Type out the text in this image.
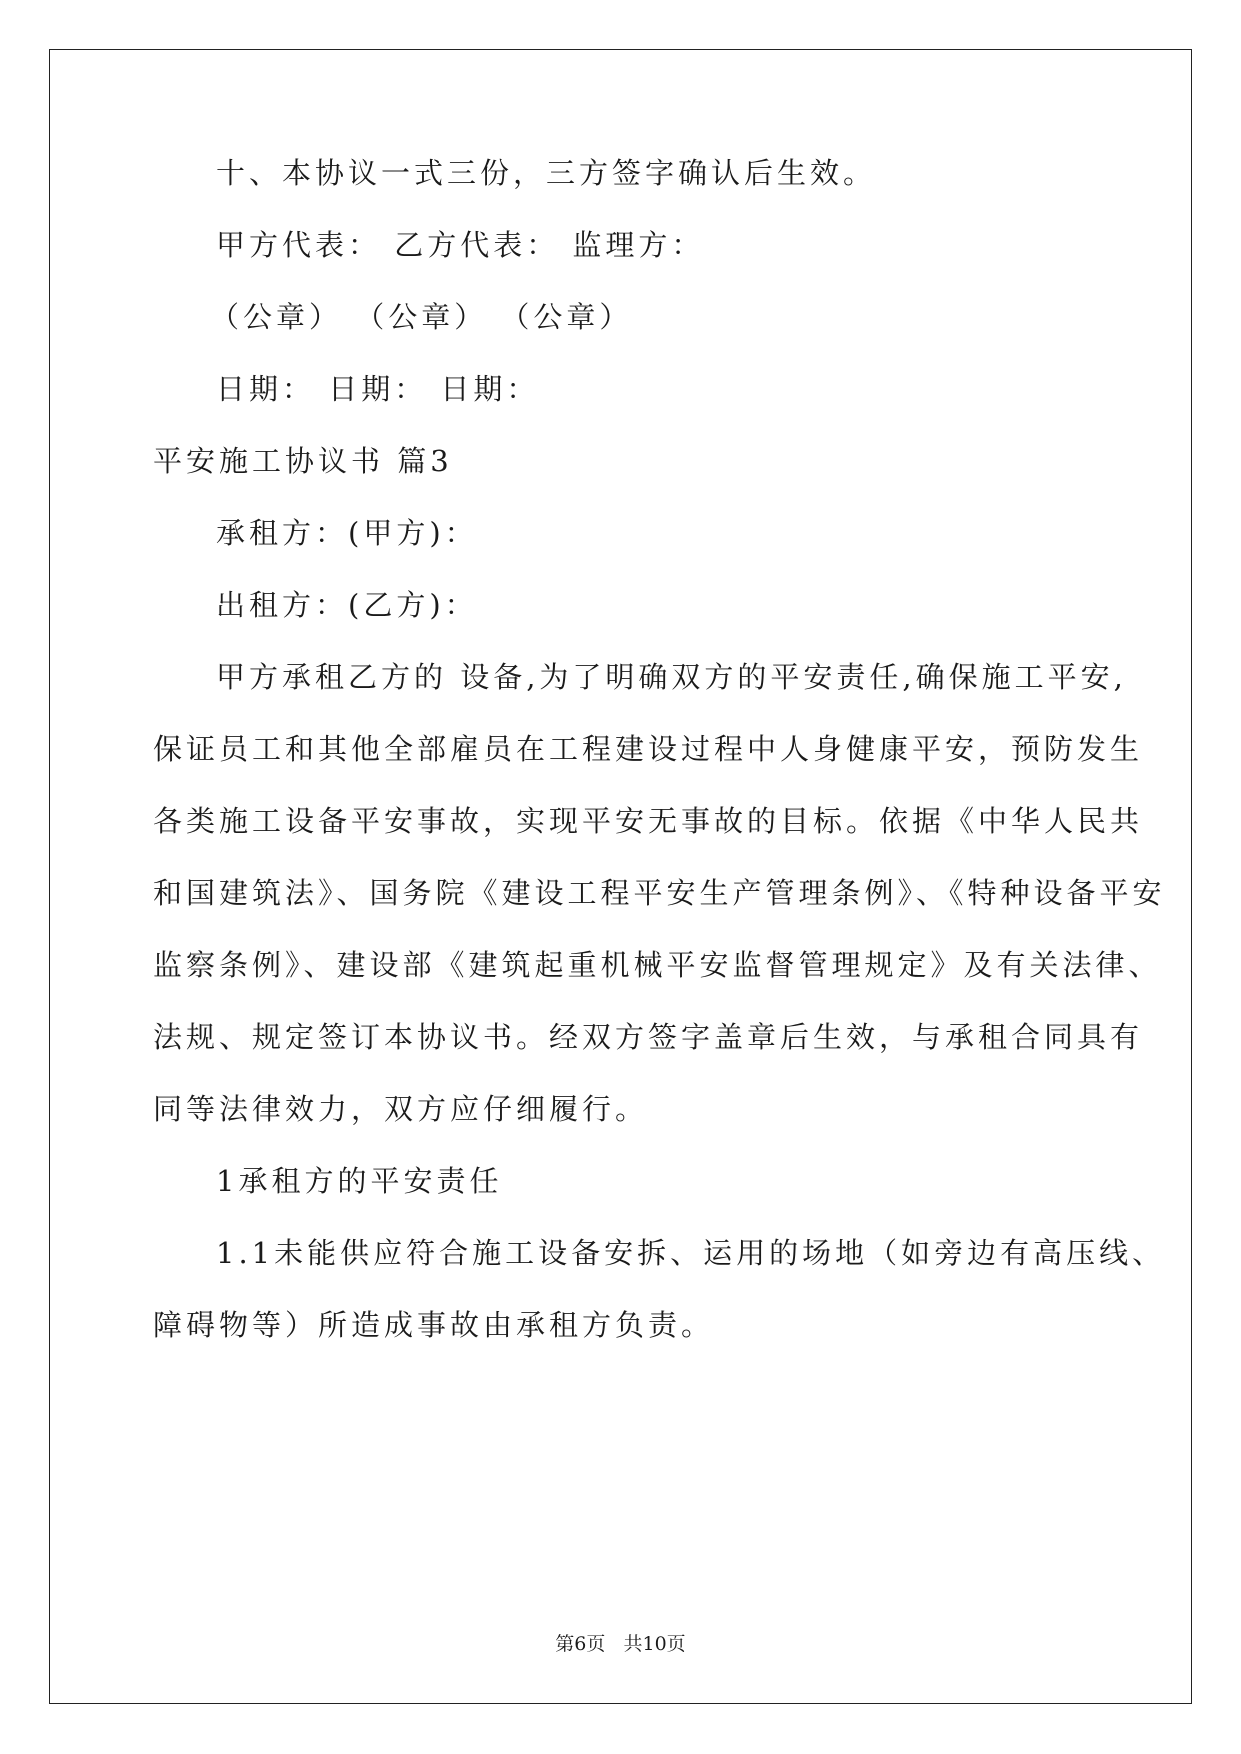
十、本协议一式三份，三方签字确认后生效。

甲方代表： 乙方代表： 监理方：

（公章） （公章） （公章）

日期： 日期： 日期：

平安施工协议书 篇3

承租方：(甲方)：

出租方：(乙方)：

甲方承租乙方的 设备,为了明确双方的平安责任,确保施工平安,

保证员工和其他全部雇员在工程建设过程中人身健康平安，预防发生

各类施工设备平安事故，实现平安无事故的目标。依据《中华人民共

和国建筑法》、国务院《建设工程平安生产管理条例》、《特种设备平安

监察条例》、建设部《建筑起重机械平安监督管理规定》及有关法律、

法规、规定签订本协议书。经双方签字盖章后生效，与承租合同具有

同等法律效力，双方应仔细履行。

1承租方的平安责任

1.1未能供应符合施工设备安拆、运用的场地（如旁边有高压线、

障碍物等）所造成事故由承租方负责。

第6页   共10页
